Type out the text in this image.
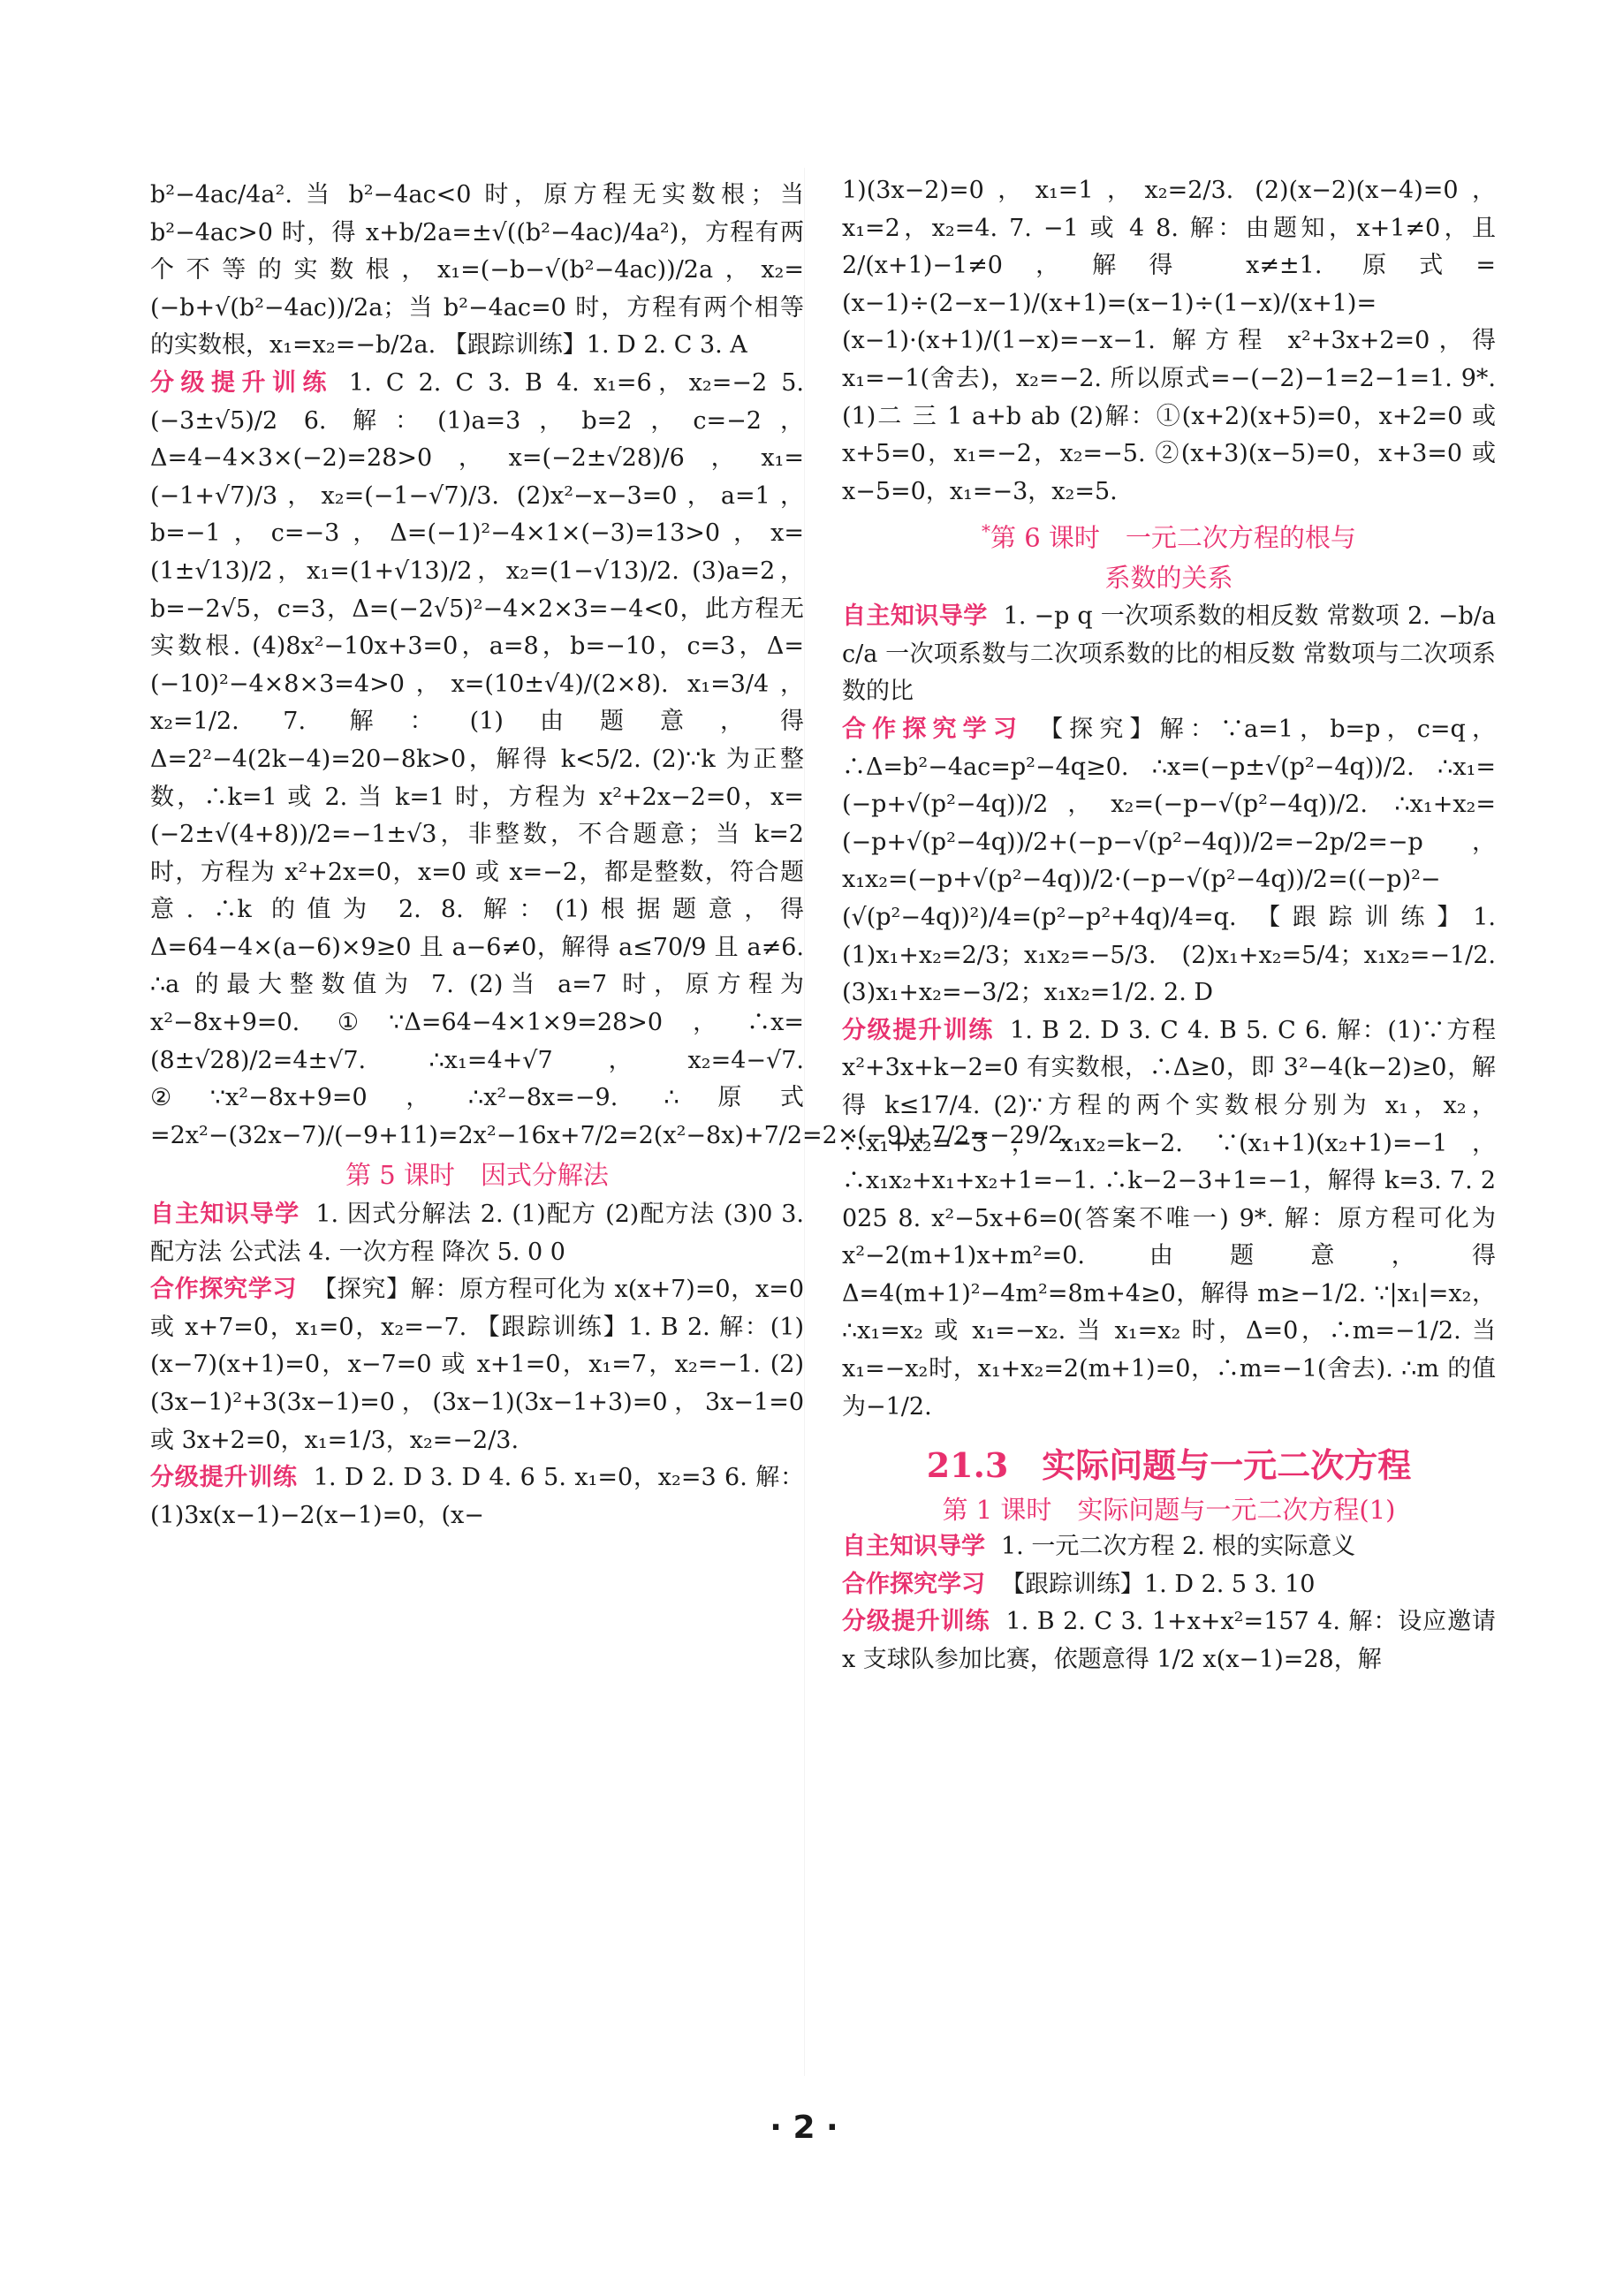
b²−4ac/4a². 当 b²−4ac<0 时，原方程无实数根；当 b²−4ac>0 时，得 x+b/2a=±√((b²−4ac)/4a²)，方程有两个不等的实数根，x₁=(−b−√(b²−4ac))/2a，x₂=(−b+√(b²−4ac))/2a；当 b²−4ac=0 时，方程有两个相等的实数根，x₁=x₂=−b/2a. 【跟踪训练】1. D 2. C 3. A

分级提升训练 1. C 2. C 3. B 4. x₁=6，x₂=−2 5. (−3±√5)/2 6. 解：(1)a=3，b=2，c=−2，Δ=4−4×3×(−2)=28>0，x=(−2±√28)/6，x₁=(−1+√7)/3，x₂=(−1−√7)/3. (2)x²−x−3=0，a=1，b=−1，c=−3，Δ=(−1)²−4×1×(−3)=13>0，x=(1±√13)/2，x₁=(1+√13)/2，x₂=(1−√13)/2. (3)a=2，b=−2√5，c=3，Δ=(−2√5)²−4×2×3=−4<0，此方程无实数根. (4)8x²−10x+3=0，a=8，b=−10，c=3，Δ=(−10)²−4×8×3=4>0，x=(10±√4)/(2×8). x₁=3/4，x₂=1/2. 7. 解：(1)由题意，得 Δ=2²−4(2k−4)=20−8k>0，解得 k<5/2. (2)∵k 为正整数，∴k=1 或 2. 当 k=1 时，方程为 x²+2x−2=0，x=(−2±√(4+8))/2=−1±√3，非整数，不合题意；当 k=2 时，方程为 x²+2x=0，x=0 或 x=−2，都是整数，符合题意. ∴k 的值为 2. 8. 解：(1)根据题意，得 Δ=64−4×(a−6)×9≥0 且 a−6≠0，解得 a≤70/9 且 a≠6. ∴a 的最大整数值为 7. (2)当 a=7 时，原方程为 x²−8x+9=0. ①∵Δ=64−4×1×9=28>0，∴x=(8±√28)/2=4±√7. ∴x₁=4+√7，x₂=4−√7. ②∵x²−8x+9=0，∴x²−8x=−9. ∴原式=2x²−(32x−7)/(−9+11)=2x²−16x+7/2=2(x²−8x)+7/2=2×(−9)+7/2=−29/2.

第 5 课时　因式分解法

自主知识导学 1. 因式分解法 2. (1)配方 (2)配方法 (3)0 3. 配方法 公式法 4. 一次方程 降次 5. 0 0

合作探究学习 【探究】解：原方程可化为 x(x+7)=0，x=0 或 x+7=0，x₁=0，x₂=−7. 【跟踪训练】1. B 2. 解：(1)(x−7)(x+1)=0，x−7=0 或 x+1=0，x₁=7，x₂=−1. (2)(3x−1)²+3(3x−1)=0，(3x−1)(3x−1+3)=0，3x−1=0 或 3x+2=0，x₁=1/3，x₂=−2/3.

分级提升训练 1. D 2. D 3. D 4. 6 5. x₁=0，x₂=3 6. 解：(1)3x(x−1)−2(x−1)=0，(x−

1)(3x−2)=0，x₁=1，x₂=2/3. (2)(x−2)(x−4)=0，x₁=2，x₂=4. 7. −1 或 4 8. 解：由题知，x+1≠0，且 2/(x+1)−1≠0，解得 x≠±1. 原式=(x−1)÷(2−x−1)/(x+1)=(x−1)÷(1−x)/(x+1)=(x−1)·(x+1)/(1−x)=−x−1. 解方程 x²+3x+2=0，得 x₁=−1(舍去)，x₂=−2. 所以原式=−(−2)−1=2−1=1. 9*. (1)二 三 1 a+b ab (2)解：①(x+2)(x+5)=0，x+2=0 或 x+5=0，x₁=−2，x₂=−5. ②(x+3)(x−5)=0，x+3=0 或 x−5=0，x₁=−3，x₂=5.

*第 6 课时　一元二次方程的根与
系数的关系

自主知识导学 1. −p q 一次项系数的相反数 常数项 2. −b/a c/a 一次项系数与二次项系数的比的相反数 常数项与二次项系数的比

合作探究学习 【探究】解：∵a=1，b=p，c=q，∴Δ=b²−4ac=p²−4q≥0. ∴x=(−p±√(p²−4q))/2. ∴x₁=(−p+√(p²−4q))/2，x₂=(−p−√(p²−4q))/2. ∴x₁+x₂=(−p+√(p²−4q))/2+(−p−√(p²−4q))/2=−2p/2=−p，x₁x₂=(−p+√(p²−4q))/2·(−p−√(p²−4q))/2=((−p)²−(√(p²−4q))²)/4=(p²−p²+4q)/4=q. 【跟踪训练】1. (1)x₁+x₂=2/3；x₁x₂=−5/3. (2)x₁+x₂=5/4；x₁x₂=−1/2. (3)x₁+x₂=−3/2；x₁x₂=1/2. 2. D

分级提升训练 1. B 2. D 3. C 4. B 5. C 6. 解：(1)∵方程 x²+3x+k−2=0 有实数根，∴Δ≥0，即 3²−4(k−2)≥0，解得 k≤17/4. (2)∵方程的两个实数根分别为 x₁，x₂，∴x₁+x₂=−3，x₁x₂=k−2. ∵(x₁+1)(x₂+1)=−1，∴x₁x₂+x₁+x₂+1=−1. ∴k−2−3+1=−1，解得 k=3. 7. 2 025 8. x²−5x+6=0(答案不唯一) 9*. 解：原方程可化为 x²−2(m+1)x+m²=0. 由题意，得 Δ=4(m+1)²−4m²=8m+4≥0，解得 m≥−1/2. ∵|x₁|=x₂，∴x₁=x₂ 或 x₁=−x₂. 当 x₁=x₂ 时，Δ=0，∴m=−1/2. 当 x₁=−x₂时，x₁+x₂=2(m+1)=0，∴m=−1(舍去). ∴m 的值为−1/2.

21.3　实际问题与一元二次方程
第 1 课时　实际问题与一元二次方程(1)

自主知识导学 1. 一元二次方程 2. 根的实际意义

合作探究学习 【跟踪训练】1. D 2. 5 3. 10

分级提升训练 1. B 2. C 3. 1+x+x²=157 4. 解：设应邀请 x 支球队参加比赛，依题意得 1/2 x(x−1)=28，解

· 2 ·
